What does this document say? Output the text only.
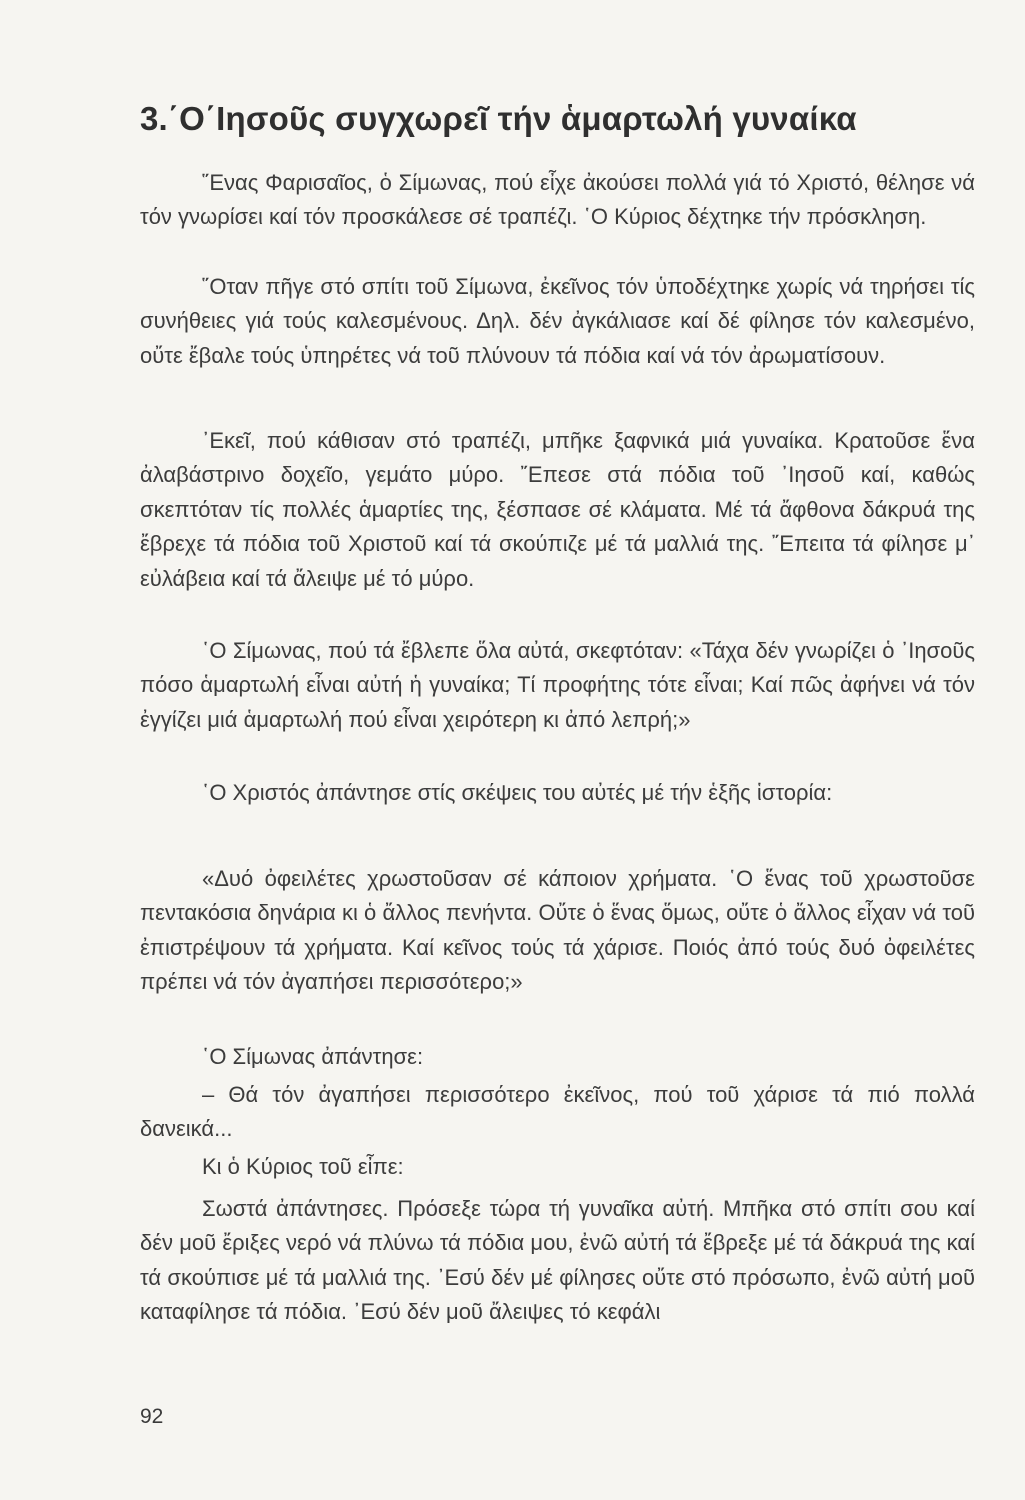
3.΄Ο΄Ιησοῦς συγχωρεῖ τήν ἁμαρτωλή γυναίκα

῞Ενας Φαρισαῖος, ὁ Σίμωνας, πού εἶχε ἀκούσει πολλά γιά τό Χριστό, θέλησε νά τόν γνωρίσει καί τόν προσκάλεσε σέ τραπέζι. ῾Ο Κύριος δέχτηκε τήν πρόσκληση.

῞Οταν πῆγε στό σπίτι τοῦ Σίμωνα, ἐκεῖνος τόν ὑποδέχτηκε χωρίς νά τηρήσει τίς συνήθειες γιά τούς καλεσμένους. Δηλ. δέν ἀγκάλιασε καί δέ φίλησε τόν καλεσμένο, οὔτε ἔβαλε τούς ὑπηρέτες νά τοῦ πλύνουν τά πόδια καί νά τόν ἀρωματίσουν.

᾿Εκεῖ, πού κάθισαν στό τραπέζι, μπῆκε ξαφνικά μιά γυναίκα. Κρατοῦσε ἕνα ἀλαβάστρινο δοχεῖο, γεμάτο μύρο. ῎Επεσε στά πόδια τοῦ ᾿Ιησοῦ καί, καθώς σκεπτόταν τίς πολλές ἁμαρτίες της, ξέσπασε σέ κλάματα. Μέ τά ἄφθονα δάκρυά της ἔβρεχε τά πόδια τοῦ Χριστοῦ καί τά σκούπιζε μέ τά μαλλιά της. ῎Επειτα τά φίλησε μ᾿ εὐλάβεια καί τά ἄλειψε μέ τό μύρο.

῾Ο Σίμωνας, πού τά ἔβλεπε ὅλα αὐτά, σκεφτόταν: «Τάχα δέν γνωρίζει ὁ ᾿Ιησοῦς πόσο ἁμαρτωλή εἶναι αὐτή ἡ γυναίκα; Τί προφήτης τότε εἶναι; Καί πῶς ἀφήνει νά τόν ἐγγίζει μιά ἁμαρτωλή πού εἶναι χειρότερη κι ἀπό λεπρή;»

῾Ο Χριστός ἀπάντησε στίς σκέψεις του αὐτές μέ τήν ἑξῆς ἱστορία:

«Δυό ὀφειλέτες χρωστοῦσαν σέ κάποιον χρήματα. ῾Ο ἕνας τοῦ χρωστοῦσε πεντακόσια δηνάρια κι ὁ ἄλλος πενήντα. Οὔτε ὁ ἕνας ὅμως, οὔτε ὁ ἄλλος εἶχαν νά τοῦ ἐπιστρέψουν τά χρήματα. Καί κεῖνος τούς τά χάρισε. Ποιός ἀπό τούς δυό ὀφειλέτες πρέπει νά τόν ἀγαπήσει περισσότερο;»

῾Ο Σίμωνας ἀπάντησε:

– Θά τόν ἀγαπήσει περισσότερο ἐκεῖνος, πού τοῦ χάρισε τά πιό πολλά δανεικά...

Κι ὁ Κύριος τοῦ εἶπε:

Σωστά ἀπάντησες. Πρόσεξε τώρα τή γυναῖκα αὐτή. Μπῆκα στό σπίτι σου καί δέν μοῦ ἔριξες νερό νά πλύνω τά πόδια μου, ἐνῶ αὐτή τά ἔβρεξε μέ τά δάκρυά της καί τά σκούπισε μέ τά μαλλιά της. ᾿Εσύ δέν μέ φίλησες οὔτε στό πρόσωπο, ἐνῶ αὐτή μοῦ καταφίλησε τά πόδια. ᾿Εσύ δέν μοῦ ἄλειψες τό κεφάλι

92
